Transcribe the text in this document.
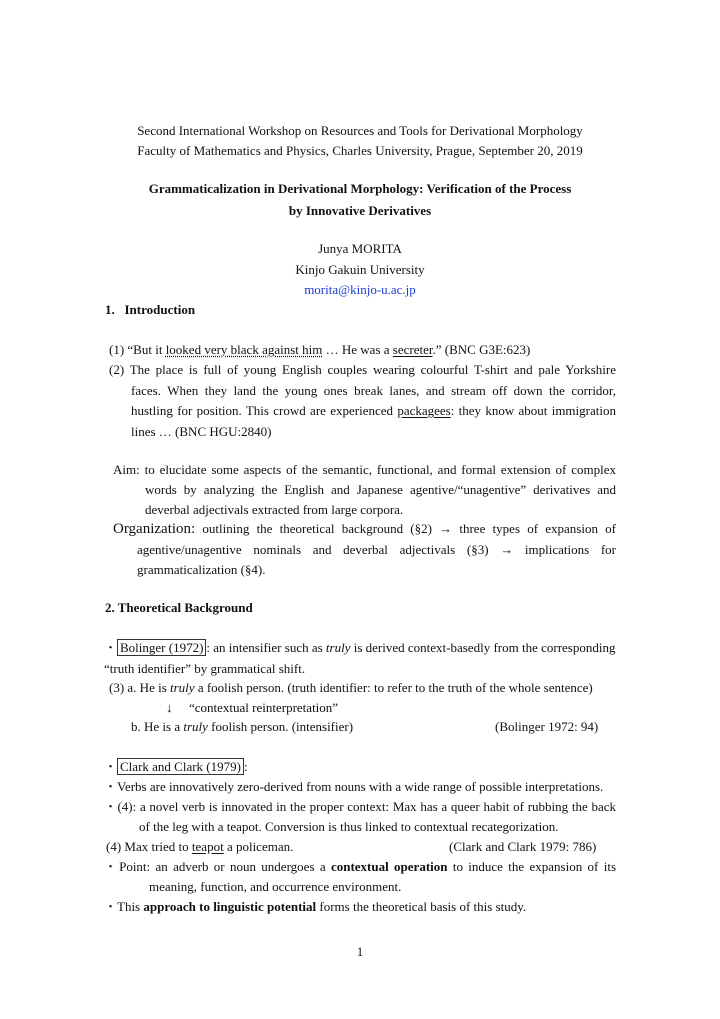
Second International Workshop on Resources and Tools for Derivational Morphology
Faculty of Mathematics and Physics, Charles University, Prague, September 20, 2019
Grammaticalization in Derivational Morphology: Verification of the Process
by Innovative Derivatives
Junya MORITA
Kinjo Gakuin University
morita@kinjo-u.ac.jp
1.   Introduction
(1) “But it looked very black against him … He was a secreter.” (BNC G3E:623)
(2) The place is full of young English couples wearing colourful T-shirt and pale Yorkshire
faces. When they land the young ones break lanes, and stream off down the corridor,
hustling for position. This crowd are experienced packagees: they know about immigration
lines … (BNC HGU:2840)
Aim: to elucidate some aspects of the semantic, functional, and formal extension of complex
words by analyzing the English and Japanese agentive/“unagentive” derivatives and
deverbal adjectivals extracted from large corpora.
Organization: outlining the theoretical background (§2) → three types of expansion of
agentive/unagentive nominals and deverbal adjectivals (§3) → implications for
grammaticalization (§4).
2. Theoretical Background
・ Bolinger (1972) : an intensifier such as truly is derived context-basedly from the corresponding
“truth identifier” by grammatical shift.
(3) a. He is truly a foolish person. (truth identifier: to refer to the truth of the whole sentence)
↓ “contextual reinterpretation”
b. He is a truly foolish person. (intensifier)	(Bolinger 1972: 94)
・ Clark and Clark (1979) :
・Verbs are innovatively zero-derived from nouns with a wide range of possible interpretations.
・(4): a novel verb is innovated in the proper context: Max has a queer habit of rubbing the back
of the leg with a teapot. Conversion is thus linked to contextual recategorization.
(4) Max tried to teapot a policeman.	(Clark and Clark 1979: 786)
・Point: an adverb or noun undergoes a contextual operation to induce the expansion of its
meaning, function, and occurrence environment.
・This approach to linguistic potential forms the theoretical basis of this study.
1
